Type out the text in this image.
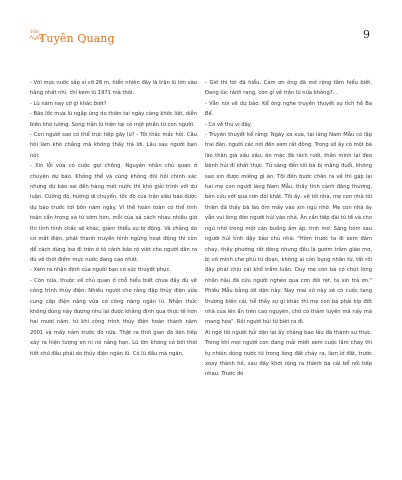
Văn
Nghệ
Tuyên Quang	9

- Với mực nước sắp xỉ cỡ 28 m, hiển nhiên đây là trận lũ lớn vào hàng nhất nhì, chỉ kém lũ 1971 mà thôi.

- Lũ năm nay cỡ gì khác biệt?

- Bão lốc mưa lũ ngập úng do thiên tai ngày càng khốc liệt, diễn biến khó lường. Song trận lũ hiện tại có một phần từ con người.

- Con người sao có thể trực tiếp gây lũ? - Tôi thắc mắc hỏi. Câu hỏi làm khô chẳng mà không thấy trả lời. Lâu sau người bạn nói:

- Xin lỗi vừa có cuộc gọi chồng. Nguyên nhân chủ quan ở chuyện dự báo. Không thể và cũng không đòi hỏi chính xác nhưng dự báo sai đến hàng mét nước thì khó giải trình với dư luận. Cường độ, hướng di chuyển, tốc độ của trận siêu bão được dự báo trước tới bốn năm ngày. Vì thế hoàn toàn có thể tính toán cẩn trọng xả từ sớm hơn, mỗi của xả cách nhau nhiều giờ thì tình hình chắc sẽ khác, giảm thiểu sự bị động. Và chẳng do cơ mất điện, phát thanh truyền hình ngừng hoạt động thì còn để cách dùng loa đi trên ô tô cảnh báo rộ việt cho người dân ra đủ về thời điểm mực nước đang cao nhất.

- Xem ra nhận định của người bạn có sức thuyết phục.

- Còn nữa, thuộc về chủ quan ở chỗ hiểu biết chưa đầy đủ về công trình thủy điện. Nhiều người cho rằng đập thủy điện vừa cung cấp điện năng vừa có công năng ngăn lũ. Nhận thức không đúng này đương như lại được khẳng định qua thực tế hơn hai mươi năm, từ khi công trình thủy điện hoàn thành năm 2001 và mấy năm trước đó nữa. Thật ra thời gian đó liên tiếp xảy ra hiện tượng en ni nô nắng hạn. Lũ lớn không có bởi thời tiết chứ đâu phải do thủy điện ngăn lũ. Có lũ đâu mà ngăn.

- Giờ thì tôi đã hiểu. Cảm ơn ông đã mở rộng tầm hiểu biết. Đang lúc rảnh rang, còn gì về trận lũ nữa không?...

- Vẫn nói về dự báo. Kể ông nghe truyền thuyết sự tích hồ Ba Bể.

- Có về thú vị đấy.

- Truyền thuyết kể rằng: Ngày xa xưa, tại làng Nam Mẫu có lập trai đàn, người các nơi đến xem rất đông. Trong số ấy có một bà lão thân già xấu xấu, ăn mặc đã rách rưới, thân mình lại đeo bệnh hủi đi khất thực. Từ sáng đến tối bà bị mắng đuổi, không sao xin được miếng gì ăn. Tối đến bước chân ra về thì gặp lại hai mẹ con người làng Nam Mẫu, thấy tình cảnh đáng thương, bèn cứu vớt qua cơn đói khát. Tối ấy, về tới nhà, mẹ con nhà tôi thiện đã thấy bà lão ốm mấy vào xin ngủ nhờ. Mẹ con nhà ấy vẫn vui lòng đón người hủi vào nhà. Ăn cần tiếp đãi từ tế và cho ngủ nhờ trong một căn buồng ấm áp, tinh mơ. Sáng hôm sau người hủi tỉnh dậy bảo chủ nhà: "Hôm trước ta đi xem đám chay, thấy phường rất đông nhưng đều là gươm trâm giáo mơ, bị vô minh che phủ tứ đoạn, không ai còn bụng nhân từ, tất rồi đây phải chịu cái khổ trầm luân. Duy mẹ con bà có chút lòng nhân hậu đã cứu người nghèo qua cơn đói rét, ta xin trả ơn." Phiếu Mẫu bằng lời dặn này: Nay mai sứ này sẽ có cuộc tang thương biến cải, hễ thấy sự gì khác thì mẹ con bà phải kíp đốt nhà của lên ẩn trên cao nguyên, chớ có thảm luyến mà nấy mà mang họa". Rồi người hủi từ biệt ra đi.

Ai ngờ tối người hủi dặn lại ấy chẳng bao lâu đã thành sự thực. Trong khi mọi người con đang mải miết xem cuộc lâm chay thì tự nhiên dòng nước từ trong lòng đất chảy ra, làm lở đất, trước xoay thành hồ, sau đấy khơi rộng ra thành ba cái bể nối tiếp nhau. Trước đó
